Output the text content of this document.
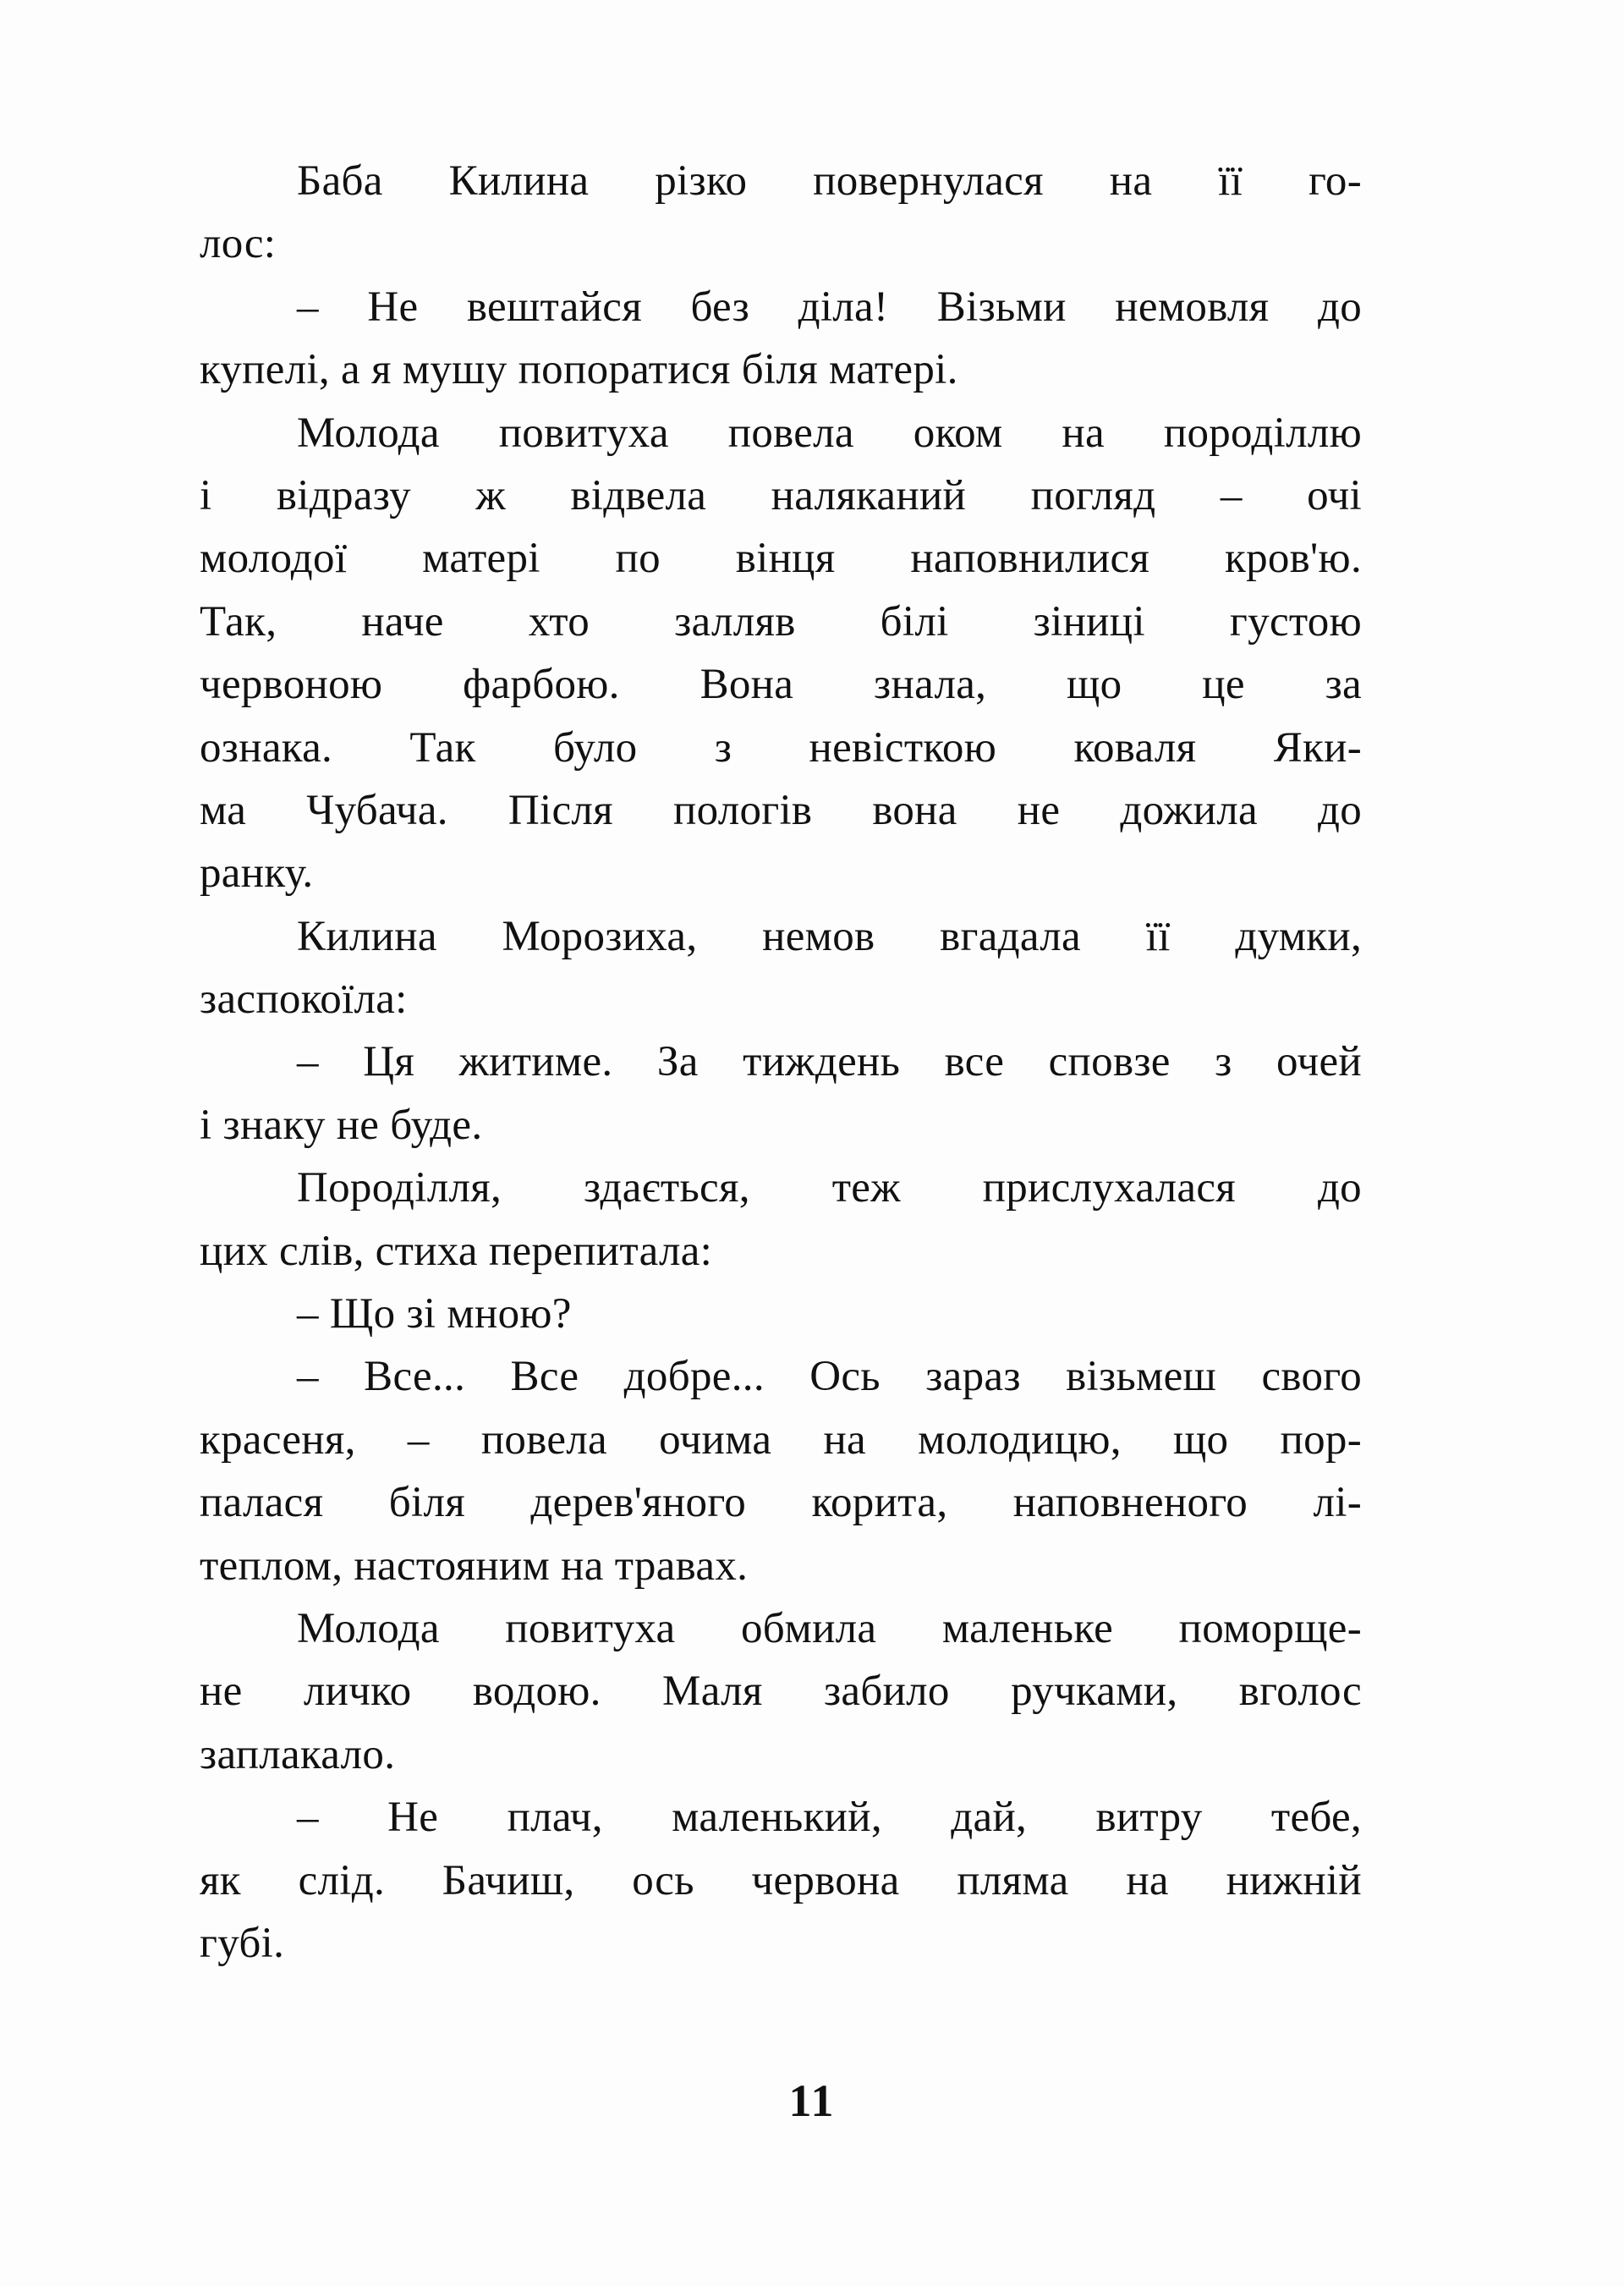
Баба Килина різко повернулася на її го-
лос:
– Не вештайся без діла! Візьми немовля до
купелі, а я мушу попоратися біля матері.
Молода повитуха повела оком на породіллю
і відразу ж відвела наляканий погляд – очі
молодої матері по вінця наповнилися кров'ю.
Так, наче хто залляв білі зіниці густою
червоною фарбою. Вона знала, що це за
ознака. Так було з невісткою коваля Яки-
ма Чубача. Після пологів вона не дожила до
ранку.
Килина Морозиха, немов вгадала її думки,
заспокоїла:
– Ця житиме. За тиждень все сповзе з очей
і знаку не буде.
Породілля, здається, теж прислухалася до
цих слів, стиха перепитала:
– Що зі мною?
– Все... Все добре... Ось зараз візьмеш свого
красеня, – повела очима на молодицю, що пор-
палася біля дерев'яного корита, наповненого лі-
теплом, настояним на травах.
Молода повитуха обмила маленьке поморще-
не личко водою. Маля забило ручками, вголос
заплакало.
– Не плач, маленький, дай, витру тебе,
як слід. Бачиш, ось червона пляма на нижній
губі.
11
